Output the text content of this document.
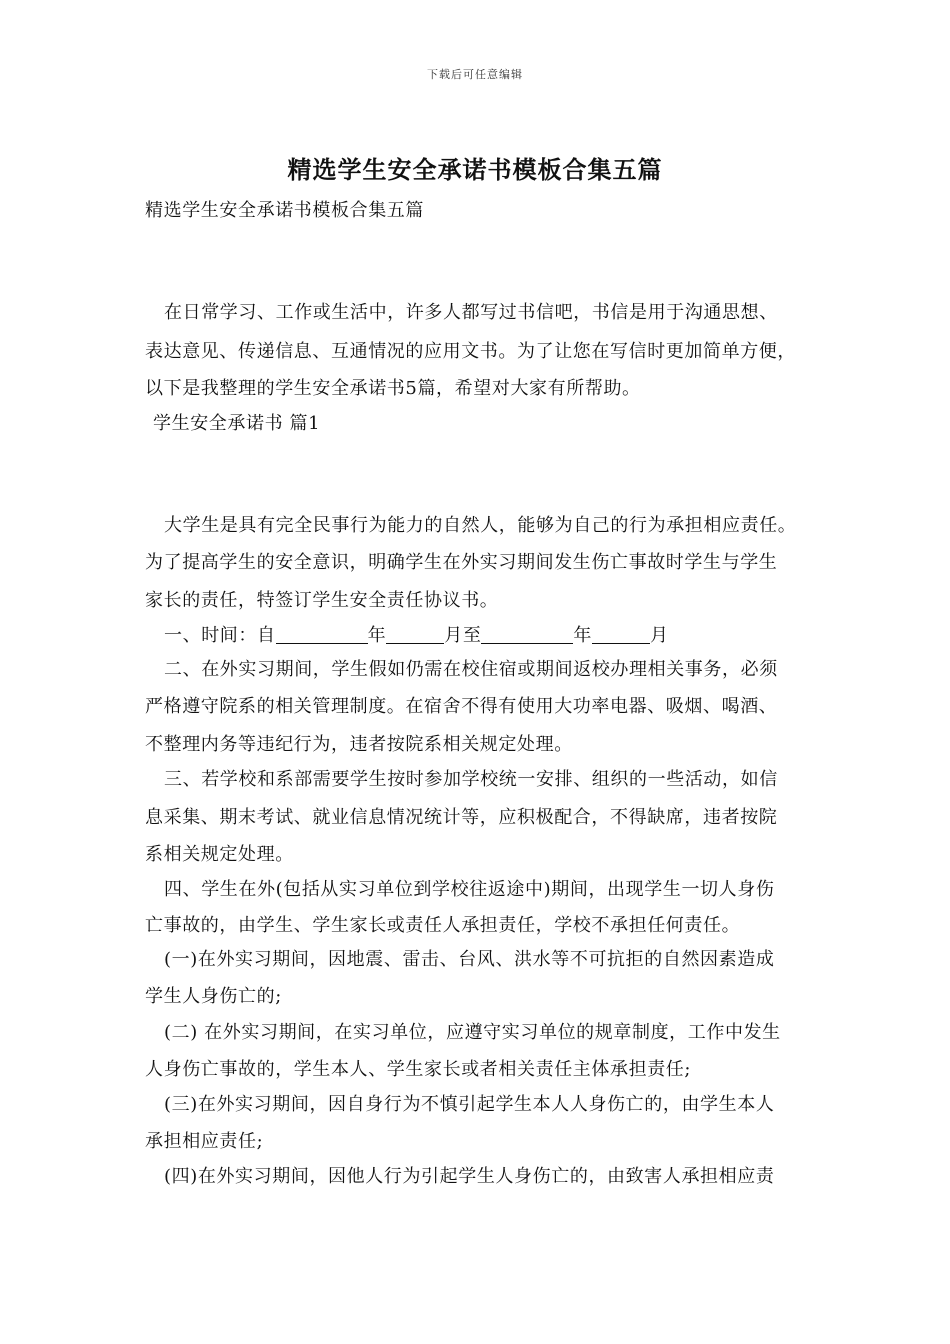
下载后可任意编辑
精选学生安全承诺书模板合集五篇
精选学生安全承诺书模板合集五篇
在日常学习、工作或生活中，许多人都写过书信吧，书信是用于沟通思想、
表达意见、传递信息、互通情况的应用文书。为了让您在写信时更加简单方便，
以下是我整理的学生安全承诺书5篇，希望对大家有所帮助。
学生安全承诺书 篇1
大学生是具有完全民事行为能力的自然人，能够为自己的行为承担相应责任。
为了提高学生的安全意识，明确学生在外实习期间发生伤亡事故时学生与学生
家长的责任，特签订学生安全责任协议书。
一、时间：自	年	月至	年	月
二、在外实习期间，学生假如仍需在校住宿或期间返校办理相关事务，必须
严格遵守院系的相关管理制度。在宿舍不得有使用大功率电器、吸烟、喝酒、
不整理内务等违纪行为，违者按院系相关规定处理。
三、若学校和系部需要学生按时参加学校统一安排、组织的一些活动，如信
息采集、期末考试、就业信息情况统计等，应积极配合，不得缺席，违者按院
系相关规定处理。
四、学生在外(包括从实习单位到学校往返途中)期间，出现学生一切人身伤
亡事故的，由学生、学生家长或责任人承担责任，学校不承担任何责任。
(一)在外实习期间，因地震、雷击、台风、洪水等不可抗拒的自然因素造成
学生人身伤亡的;
(二) 在外实习期间，在实习单位，应遵守实习单位的规章制度，工作中发生
人身伤亡事故的，学生本人、学生家长或者相关责任主体承担责任;
(三)在外实习期间，因自身行为不慎引起学生本人人身伤亡的，由学生本人
承担相应责任;
(四)在外实习期间，因他人行为引起学生人身伤亡的，由致害人承担相应责
